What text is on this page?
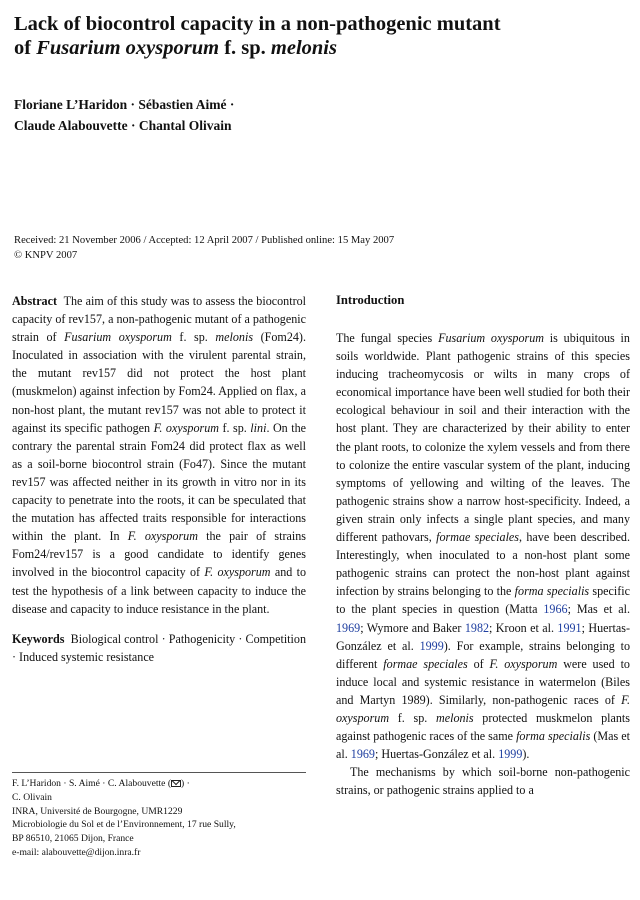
Lack of biocontrol capacity in a non-pathogenic mutant
of Fusarium oxysporum f. sp. melonis
Floriane L’Haridon · Sébastien Aimé ·
Claude Alabouvette · Chantal Olivain
Received: 21 November 2006 / Accepted: 12 April 2007 / Published online: 15 May 2007
© KNPV 2007

Abstract The aim of this study was to assess the biocontrol capacity of rev157, a non-pathogenic mutant of a pathogenic strain of Fusarium oxysporum f. sp. melonis (Fom24). Inoculated in association with the virulent parental strain, the mutant rev157 did not protect the host plant (muskmelon) against infection by Fom24. Applied on flax, a non-host plant, the mutant rev157 was not able to protect it against its specific pathogen F. oxysporum f. sp. lini. On the contrary the parental strain Fom24 did protect flax as well as a soil-borne biocontrol strain (Fo47). Since the mutant rev157 was affected neither in its growth in vitro nor in its capacity to penetrate into the roots, it can be speculated that the mutation has affected traits responsible for interactions within the plant. In F. oxysporum the pair of strains Fom24/rev157 is a good candidate to identify genes involved in the biocontrol capacity of F. oxysporum and to test the hypothesis of a link between capacity to induce the disease and capacity to induce resistance in the plant.

Keywords Biological control · Pathogenicity · Competition · Induced systemic resistance

F. L’Haridon · S. Aimé · C. Alabouvette ( ) ·
C. Olivain
INRA, Université de Bourgogne, UMR1229
Microbiologie du Sol et de l’Environnement, 17 rue Sully,
BP 86510, 21065 Dijon, France
e-mail: alabouvette@dijon.inra.fr
Introduction

The fungal species Fusarium oxysporum is ubiquitous in soils worldwide. Plant pathogenic strains of this species inducing tracheomycosis or wilts in many crops of economical importance have been well studied for both their ecological behaviour in soil and their interaction with the host plant. They are characterized by their ability to enter the plant roots, to colonize the xylem vessels and from there to colonize the entire vascular system of the plant, inducing symptoms of yellowing and wilting of the leaves. The pathogenic strains show a narrow host-specificity. Indeed, a given strain only infects a single plant species, and many different pathovars, formae speciales, have been described. Interestingly, when inoculated to a non-host plant some pathogenic strains can protect the non-host plant against infection by strains belonging to the forma specialis specific to the plant species in question (Matta 1966; Mas et al. 1969; Wymore and Baker 1982; Kroon et al. 1991; Huertas-González et al. 1999). For example, strains belonging to different formae speciales of F. oxysporum were used to induce local and systemic resistance in watermelon (Biles and Martyn 1989). Similarly, non-pathogenic races of F. oxysporum f. sp. melonis protected muskmelon plants against pathogenic races of the same forma specialis (Mas et al. 1969; Huertas-González et al. 1999).

The mechanisms by which soil-borne non-pathogenic strains, or pathogenic strains applied to a
